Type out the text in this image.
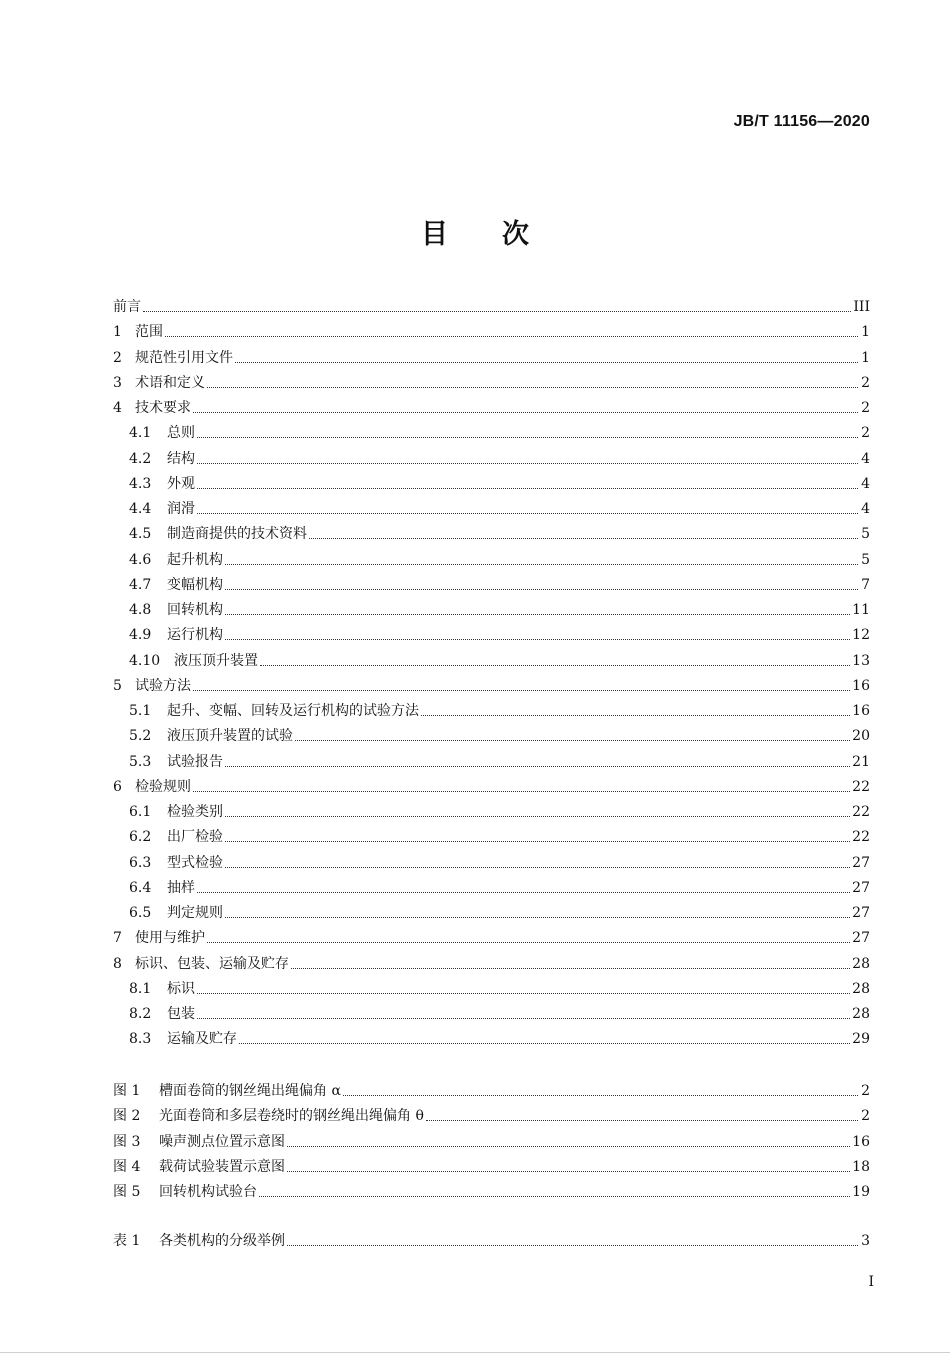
JB/T 11156—2020
目 次
前言	III
1 范围	1
2 规范性引用文件	1
3 术语和定义	2
4 技术要求	2
4.1	总则	2
4.2	结构	4
4.3	外观	4
4.4	润滑	4
4.5	制造商提供的技术资料	5
4.6	起升机构	5
4.7	变幅机构	7
4.8	回转机构	11
4.9	运行机构	12
4.10 液压顶升装置	13
5 试验方法	16
5.1	起升、变幅、回转及运行机构的试验方法	16
5.2	液压顶升装置的试验	20
5.3	试验报告	21
6 检验规则	22
6.1	检验类别	22
6.2	出厂检验	22
6.3	型式检验	27
6.4	抽样	27
6.5	判定规则	27
7 使用与维护	27
8 标识、包装、运输及贮存	28
8.1	标识	28
8.2	包装	28
8.3	运输及贮存	29
图 1	槽面卷筒的钢丝绳出绳偏角 α	2
图 2	光面卷筒和多层卷绕时的钢丝绳出绳偏角 θ	2
图 3	噪声测点位置示意图	16
图 4	载荷试验装置示意图	18
图 5	回转机构试验台	19
表 1	各类机构的分级举例	3
I
